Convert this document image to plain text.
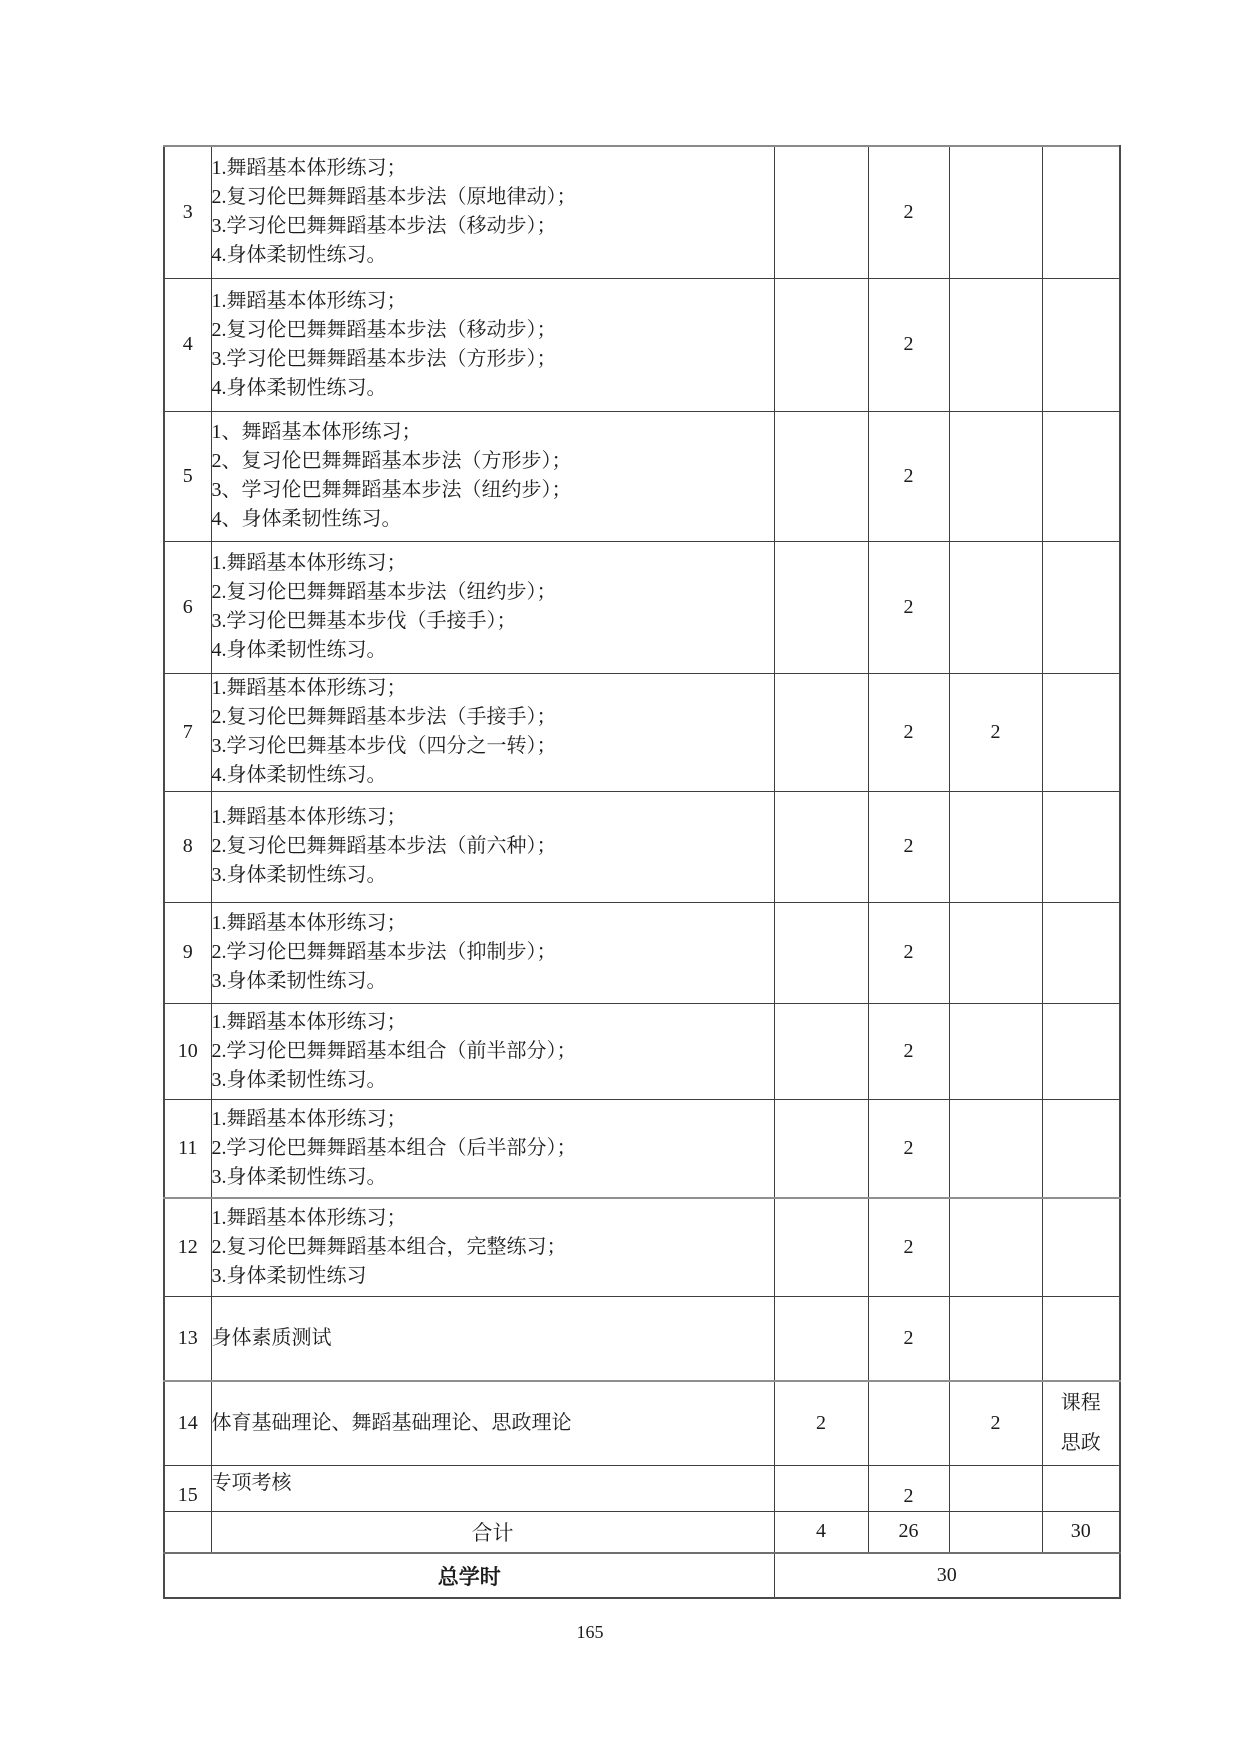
3	1.舞蹈基本体形练习；
2.复习伦巴舞舞蹈基本步法（原地律动）；
3.学习伦巴舞舞蹈基本步法（移动步）；
4.身体柔韧性练习。		2		
4	1.舞蹈基本体形练习；
2.复习伦巴舞舞蹈基本步法（移动步）；
3.学习伦巴舞舞蹈基本步法（方形步）；
4.身体柔韧性练习。		2		
5	1、舞蹈基本体形练习；
2、复习伦巴舞舞蹈基本步法（方形步）；
3、学习伦巴舞舞蹈基本步法（纽约步）；
4、身体柔韧性练习。		2		
6	1.舞蹈基本体形练习；
2.复习伦巴舞舞蹈基本步法（纽约步）；
3.学习伦巴舞基本步伐（手接手）；
4.身体柔韧性练习。		2		
7	1.舞蹈基本体形练习；
2.复习伦巴舞舞蹈基本步法（手接手）；
3.学习伦巴舞基本步伐（四分之一转）；
4.身体柔韧性练习。		2	2	
8	1.舞蹈基本体形练习；
2.复习伦巴舞舞蹈基本步法（前六种）；
3.身体柔韧性练习。		2		
9	1.舞蹈基本体形练习；
2.学习伦巴舞舞蹈基本步法（抑制步）；
3.身体柔韧性练习。		2		
10	1.舞蹈基本体形练习；
2.学习伦巴舞舞蹈基本组合（前半部分）；
3.身体柔韧性练习。		2		
11	1.舞蹈基本体形练习；
2.学习伦巴舞舞蹈基本组合（后半部分）；
3.身体柔韧性练习。		2		
12	1.舞蹈基本体形练习；
2.复习伦巴舞舞蹈基本组合，完整练习；
3.身体柔韧性练习		2		
13	身体素质测试		2		
14	体育基础理论、舞蹈基础理论、思政理论	2		2	课程
思政

15	专项考核		2		
	合计	4	26		30
总学时		30			
165
